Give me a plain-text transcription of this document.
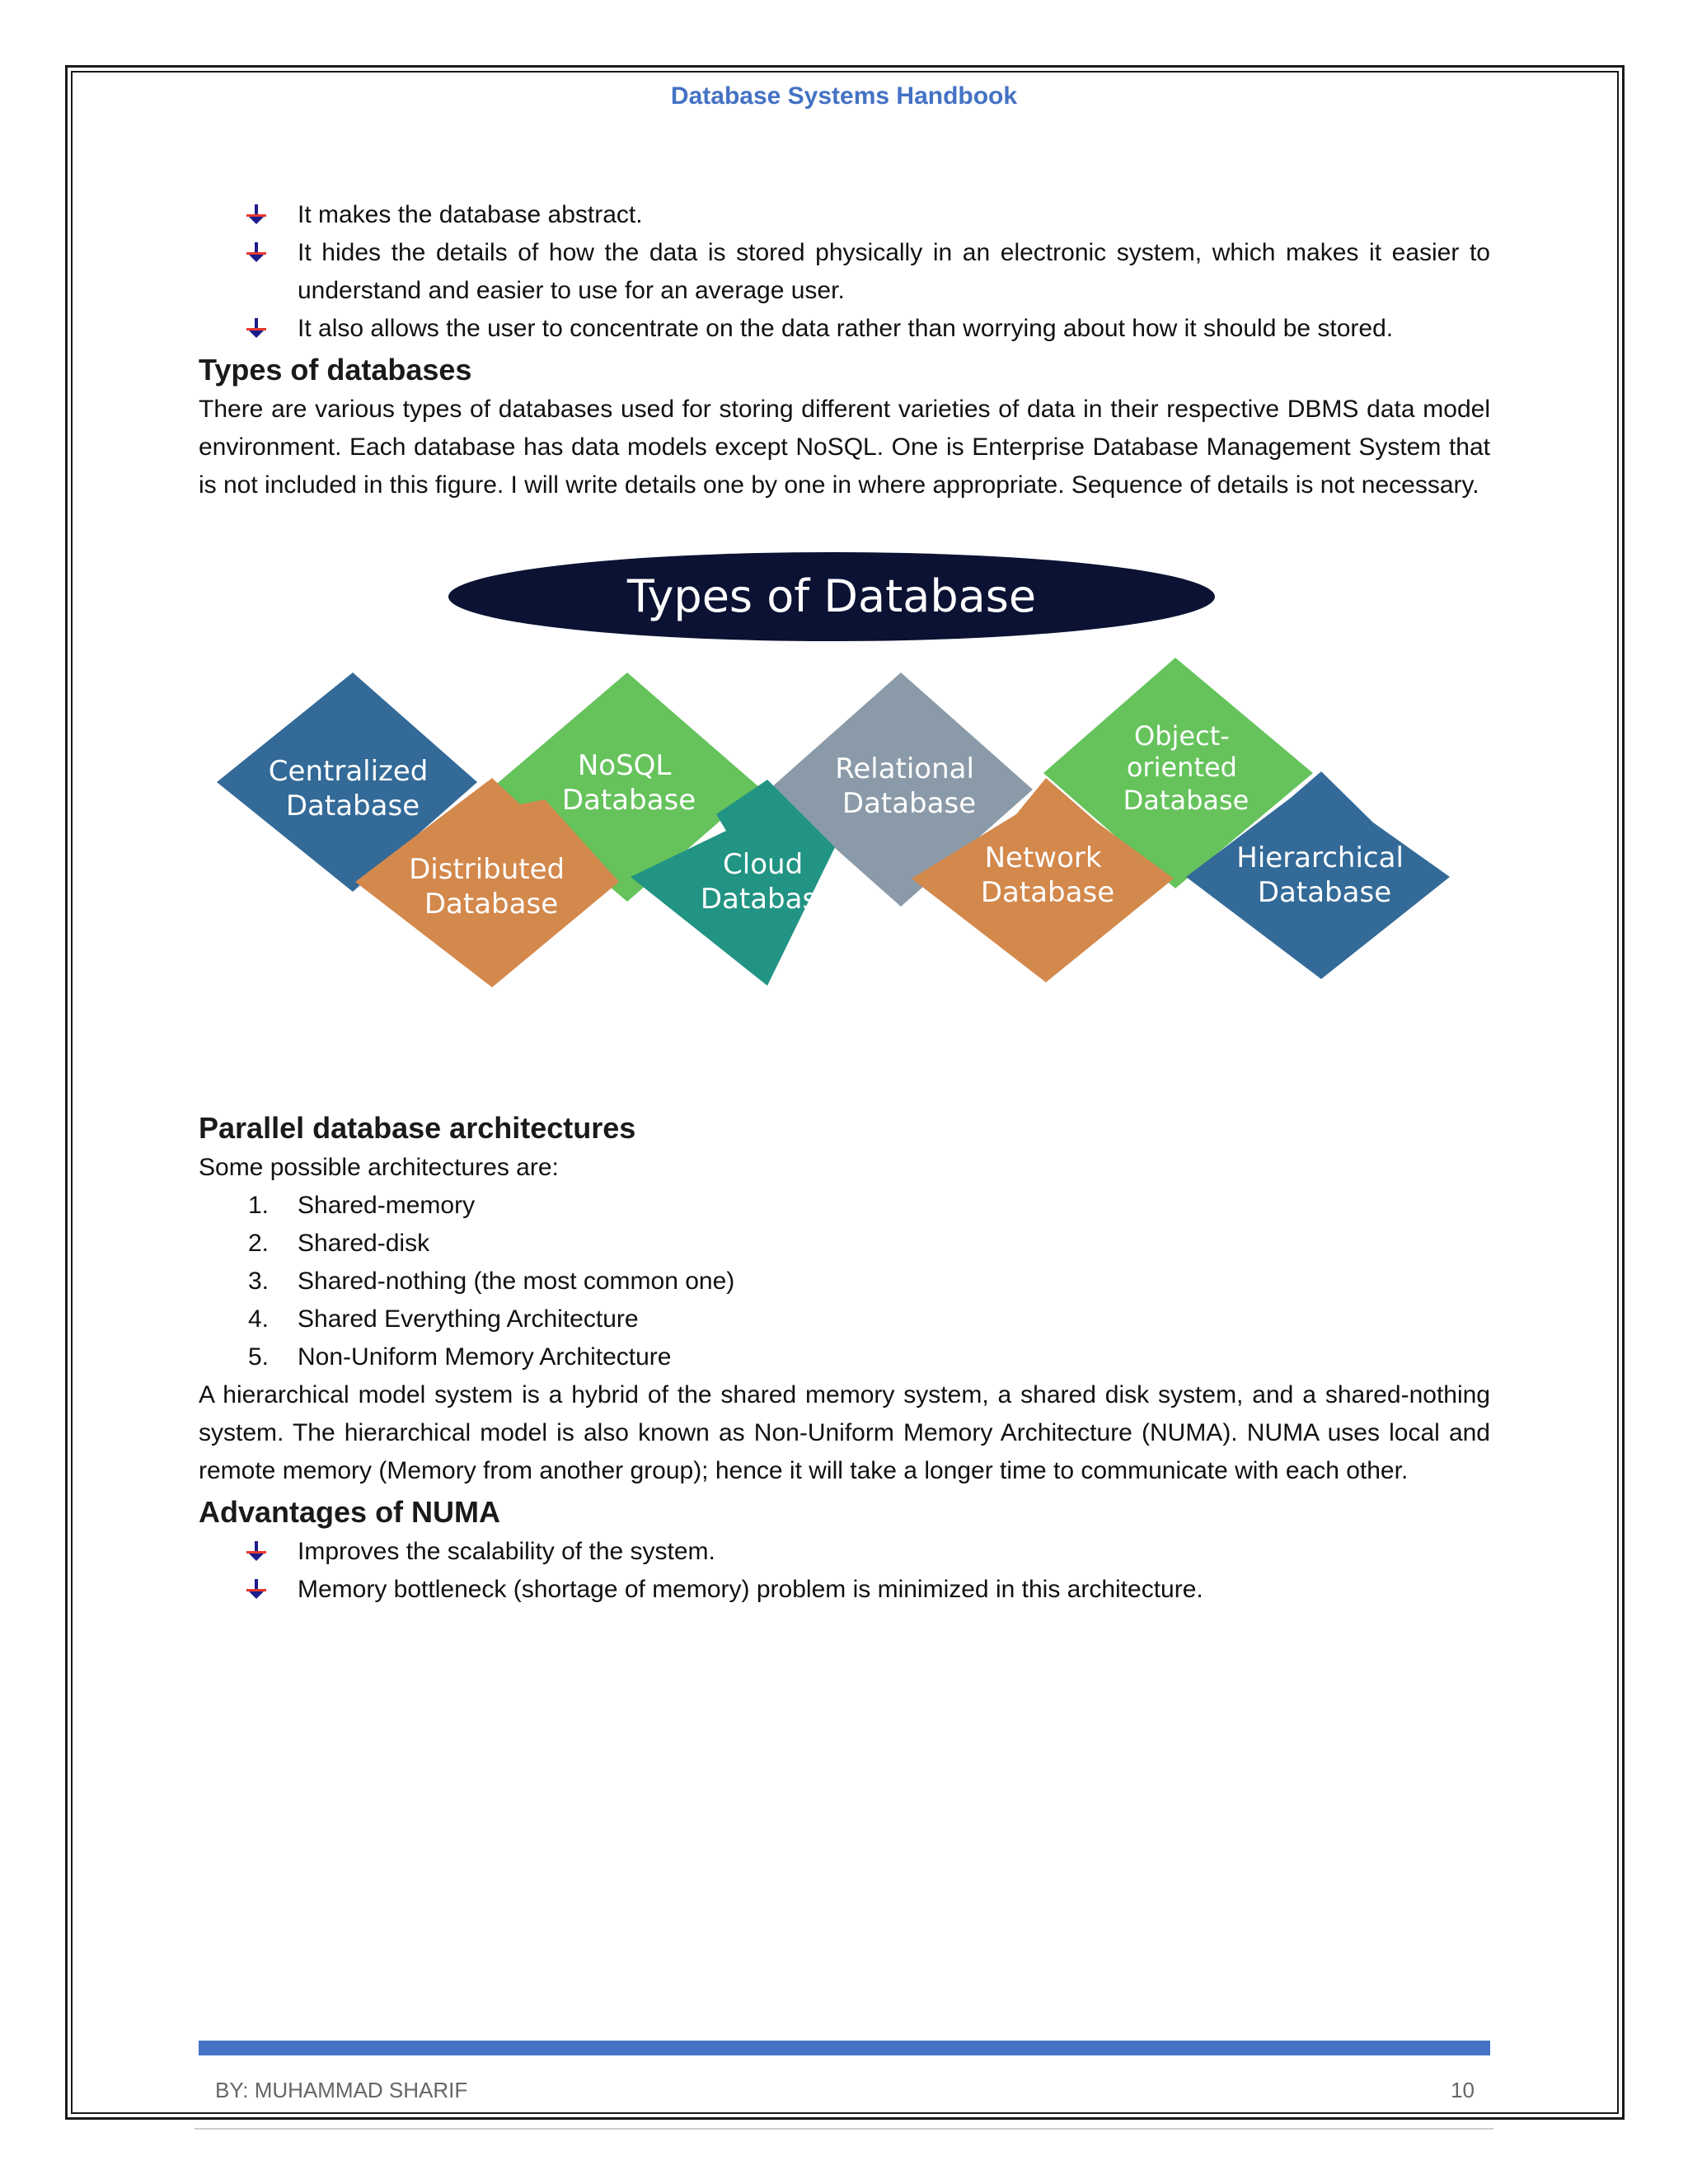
Database Systems Handbook
It makes the database abstract.
It hides the details of how the data is stored physically in an electronic system, which makes it easier to understand and easier to use for an average user.
It also allows the user to concentrate on the data rather than worrying about how it should be stored.
Types of databases

There are various types of databases used for storing different varieties of data in their respective DBMS data model environment. Each database has data models except NoSQL. One is Enterprise Database Management System that is not included in this figure. I will write details one by one in where appropriate. Sequence of details is not necessary.

Types of Database
Centralized Database
NoSQL Database
Relational Database
Object- oriented Database
Distributed Database
Cloud Database
Network Database
Hierarchical Database
Parallel database architectures

Some possible architectures are:

1. Shared-memory
2. Shared-disk
3. Shared-nothing (the most common one)
4. Shared Everything Architecture
5. Non-Uniform Memory Architecture

A hierarchical model system is a hybrid of the shared memory system, a shared disk system, and a shared-nothing system. The hierarchical model is also known as Non-Uniform Memory Architecture (NUMA). NUMA uses local and remote memory (Memory from another group); hence it will take a longer time to communicate with each other.

Advantages of NUMA
Improves the scalability of the system.
Memory bottleneck (shortage of memory) problem is minimized in this architecture.
BY: MUHAMMAD SHARIF	10
